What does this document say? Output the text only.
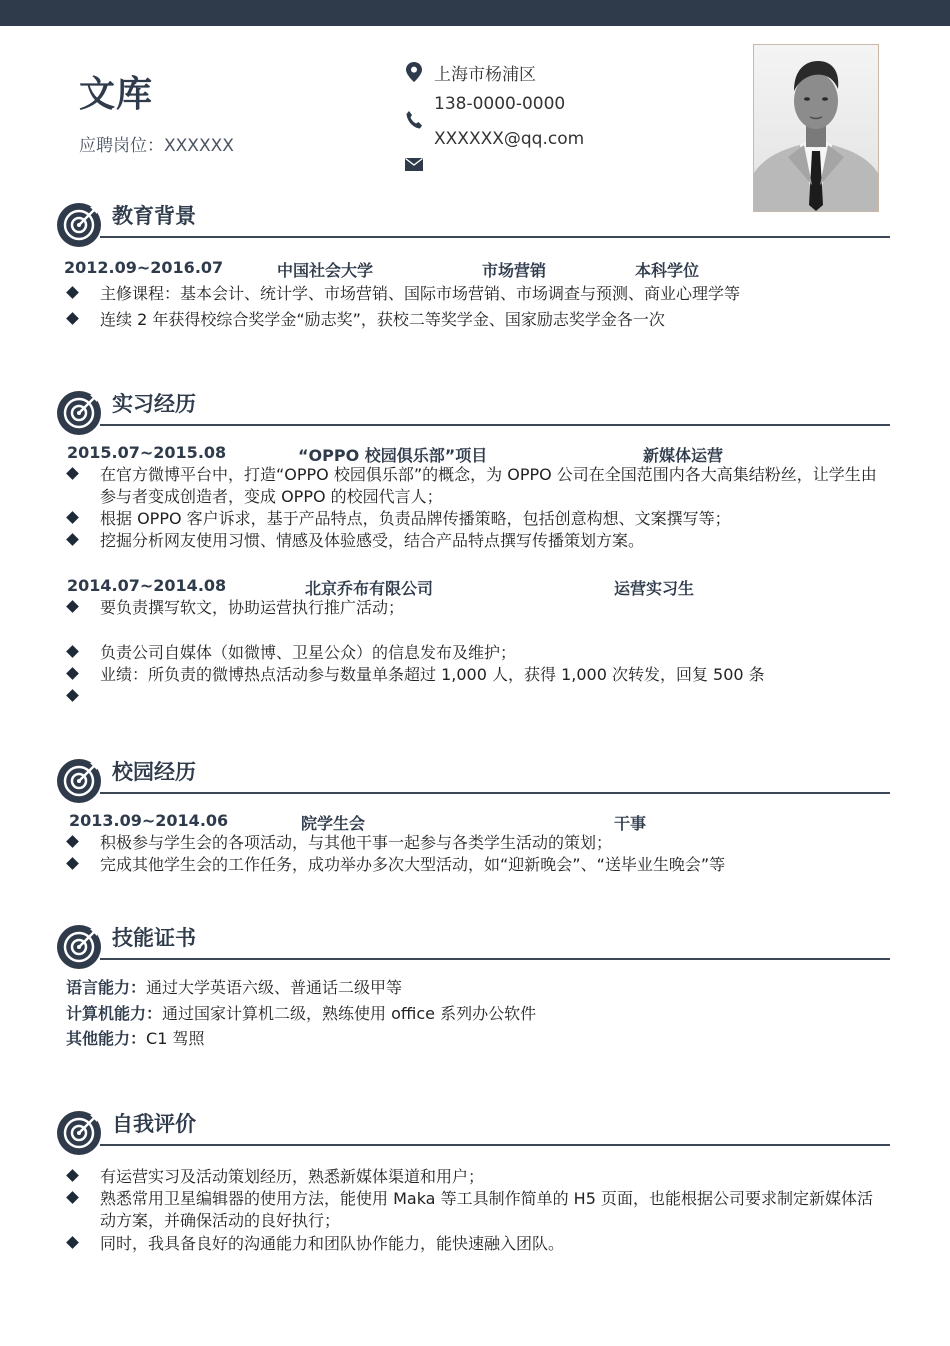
文库
应聘岗位：XXXXXX
上海市杨浦区
138-0000-0000
XXXXXX@qq.com
教育背景
2012.09~2016.07	中国社会大学	市场营销	本科学位
主修课程：基本会计、统计学、市场营销、国际市场营销、市场调查与预测、商业心理学等
连续 2 年获得校综合奖学金“励志奖”，获校二等奖学金、国家励志奖学金各一次
实习经历
2015.07~2015.08	“OPPO 校园俱乐部”项目	新媒体运营
在官方微博平台中，打造“OPPO 校园俱乐部”的概念，为 OPPO 公司在全国范围内各大高集结粉丝，让学生由参与者变成创造者，变成 OPPO 的校园代言人；
根据 OPPO 客户诉求，基于产品特点，负责品牌传播策略，包括创意构想、文案撰写等；
挖掘分析网友使用习惯、情感及体验感受，结合产品特点撰写传播策划方案。
2014.07~2014.08	北京乔布有限公司	运营实习生
要负责撰写软文，协助运营执行推广活动；
负责公司自媒体（如微博、卫星公众）的信息发布及维护；
业绩：所负责的微博热点活动参与数量单条超过 1,000 人，获得 1,000 次转发，回复 500 条
校园经历
2013.09~2014.06	院学生会	干事
积极参与学生会的各项活动，与其他干事一起参与各类学生活动的策划；
完成其他学生会的工作任务，成功举办多次大型活动，如“迎新晚会”、“送毕业生晚会”等
技能证书
语言能力：通过大学英语六级、普通话二级甲等
计算机能力：通过国家计算机二级，熟练使用 office 系列办公软件
其他能力：C1 驾照
自我评价
有运营实习及活动策划经历，熟悉新媒体渠道和用户；
熟悉常用卫星编辑器的使用方法，能使用 Maka 等工具制作简单的 H5 页面，也能根据公司要求制定新媒体活动方案，并确保活动的良好执行；
同时，我具备良好的沟通能力和团队协作能力，能快速融入团队。
